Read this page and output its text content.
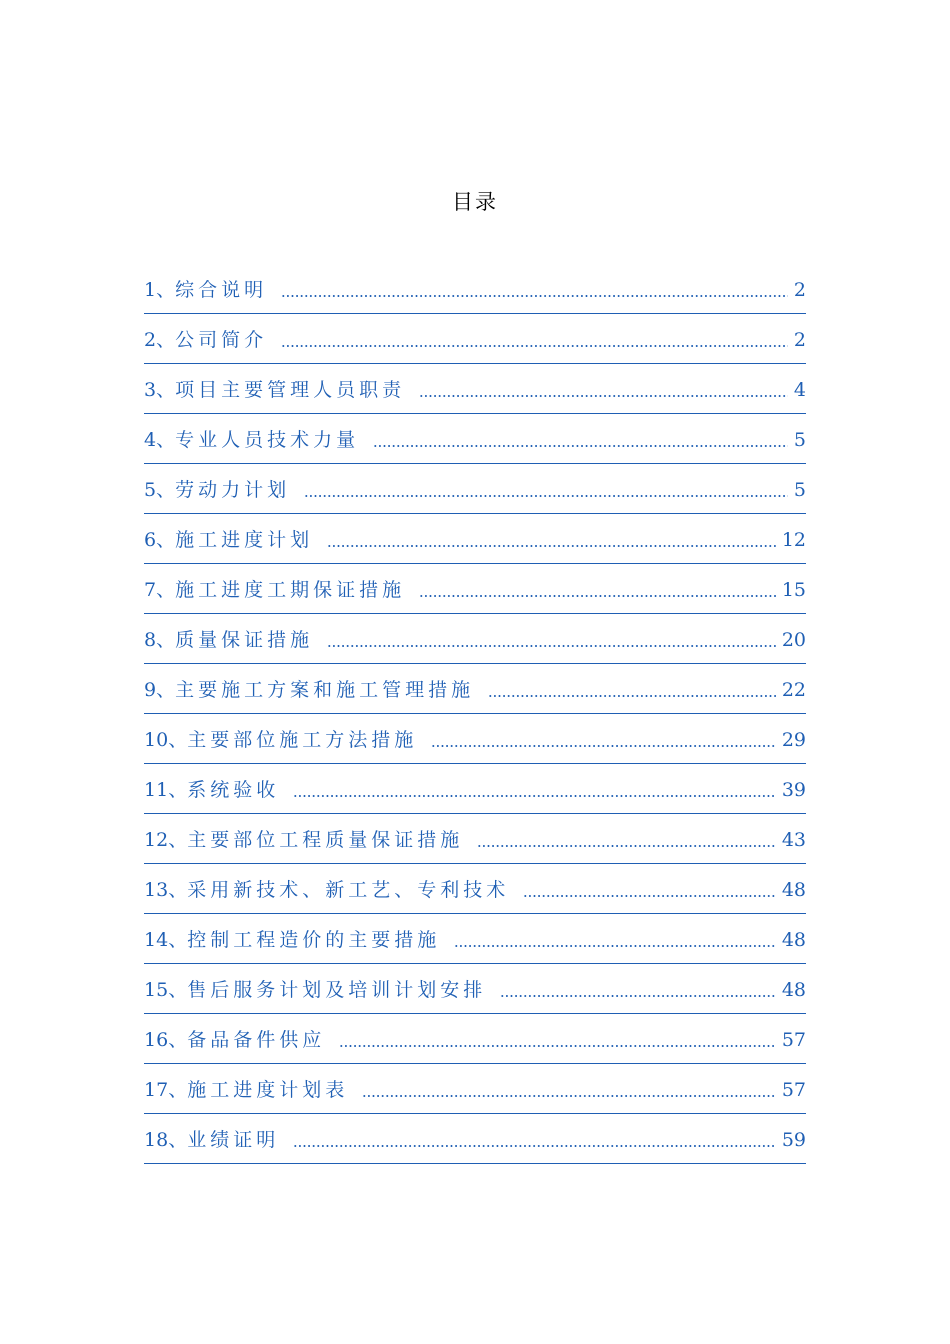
目录
1 、 综合说明	2
2 、 公司简介	2
3 、 项目主要管理人员职责	4
4 、 专业人员技术力量	5
5 、 劳动力计划	5
6 、 施工进度计划	12
7 、 施工进度工期保证措施	15
8 、 质量保证措施	20
9 、 主要施工方案和施工管理措施	22
10 、 主要部位施工方法措施	29
11 、 系统验收	39
12 、 主要部位工程质量保证措施	43
13 、 采用新技术、新工艺、专利技术	48
14 、 控制工程造价的主要措施	48
15 、 售后服务计划及培训计划安排	48
16 、 备品备件供应	57
17 、 施工进度计划表	57
18 、 业绩证明	59
